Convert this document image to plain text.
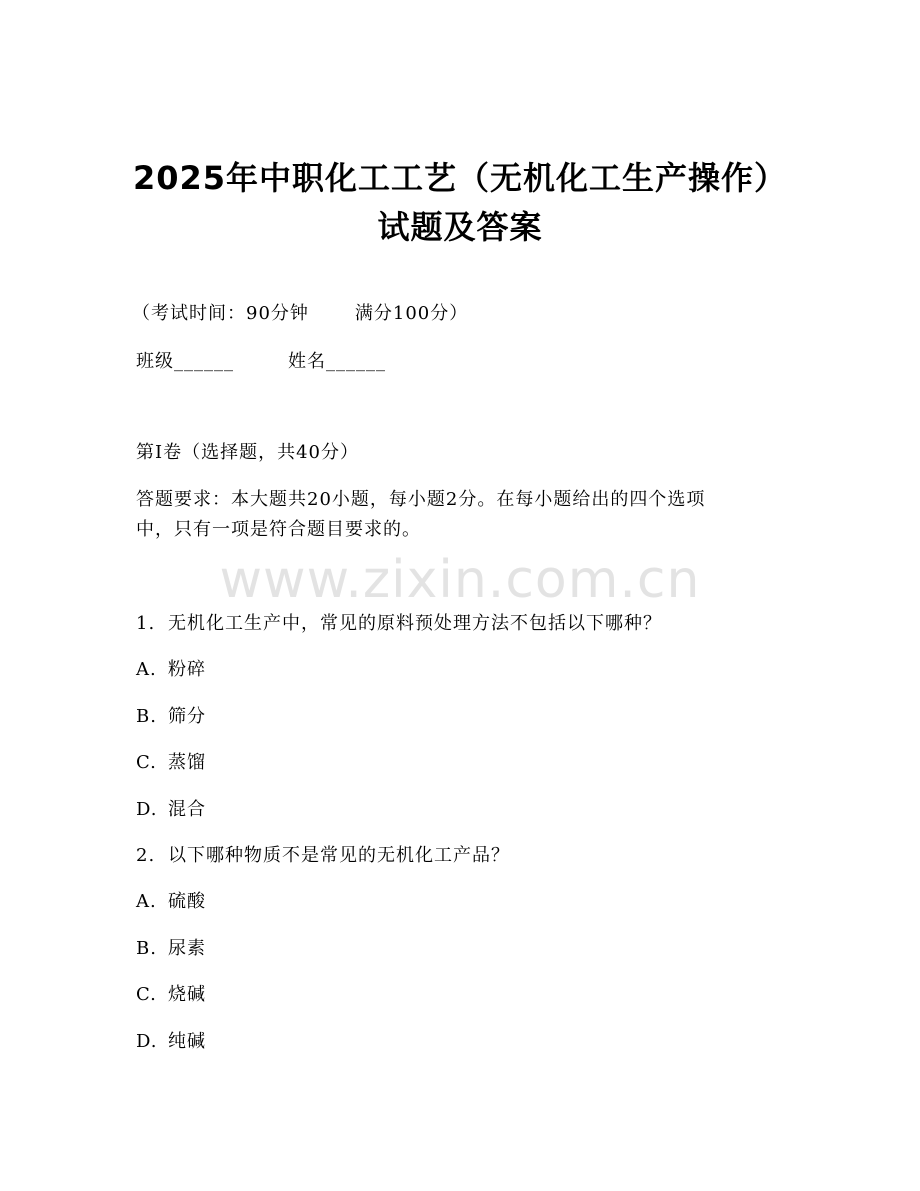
2025年中职化工工艺（无机化工生产操作）
试题及答案
（考试时间：90分钟	满分100分）
班级______	姓名______
第I卷（选择题，共40分）
答题要求：本大题共20小题，每小题2分。在每小题给出的四个选项
中，只有一项是符合题目要求的。
www.zixin.com.cn
1. 无机化工生产中，常见的原料预处理方法不包括以下哪种？
A. 粉碎
B. 筛分
C. 蒸馏
D. 混合
2. 以下哪种物质不是常见的无机化工产品？
A. 硫酸
B. 尿素
C. 烧碱
D. 纯碱
